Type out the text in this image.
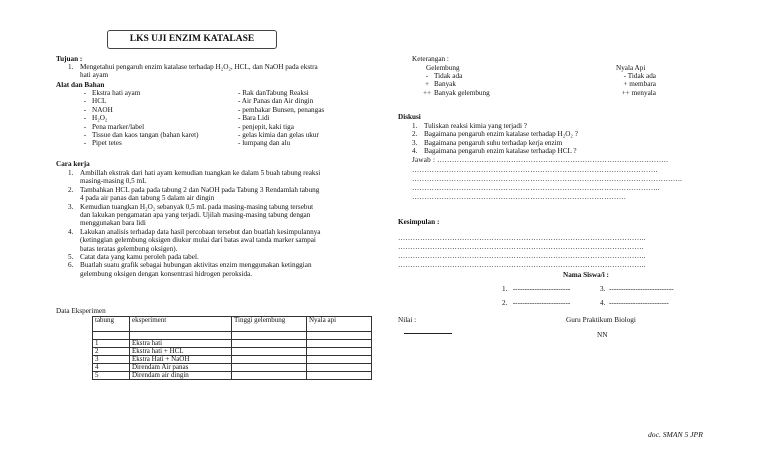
LKS UJI ENZIM KATALASE
Tujuan :
1. Mengetahui pengaruh enzim katalase terhadap H₂O₂, HCL, dan NaOH pada ekstra
hati ayam
Alat dan Bahan
- Ekstra hati ayam
- HCL
- NAOH
- H₂O₂
- Pena marker/label
- Tissue dan kaos tangan (bahan karet)
- Pipet tetes
- Rak danTabung Reaksi
- Air Panas dan Air dingin
- pembakar Bunsen, penangas
- Bara Lidi
- penjepit, kaki tiga
- gelas kimia dan gelas ukur
- lumpang dan alu
Cara kerja
1. Ambillah ekstrak dari hati ayam kemudian tuangkan ke dalam 5 buah tabung reaksi
masing-masing 0,5 mL
2. Tambahkan HCL pada pada tabung 2 dan NaOH pada Tabung 3 Rendamlah tabung
4 pada air panas dan tabung 5 dalam air dingin
3. Kemudian tuangkan H₂O₂ sebanyak 0,5 mL pada masing-masing tabung tersebut
dan lakukan pengamatan apa yang terjadi. Ujilah masing-masing tabung dengan
menggunakan bara lidi
4. Lakukan analisis terhadap data hasil percobaan tersebut dan buatlah kesimpulannya
(ketinggian gelembung oksigen diukur mulai dari batas awal tanda marker sampai
batas teratas gelembung oksigen).
5. Catat data yang kamu peroleh pada tabel.
6. Buatlah suatu grafik sebagai hubungan aktivitas enzim menggunakan ketinggian
gelembung oksigen dengan konsentrasi hidrogen peroksida.
Data Eksperimen
tabung	eksperiment	Tinggi gelembung	Nyala api

1	Ekstra hati		
2	Ekstra hati + HCL		
3	Ekstra Hati + NaOH		
4	Direndam Air panas		
5	Direndam air dingin		
Keterangan :
Gelembung
- Tidak ada
+ Banyak
++ Banyak gelembung
Nyala Api
- Tidak ada
+ membara
++ menyala
Diskusi
1. Tuliskan reaksi kimia yang terjadi ?
2. Bagaimana pengaruh enzim katalase terhadap H₂O₂ ?
3. Bagaimana pengaruh suhu terhadap kerja enzim
4. Bagaimana pengaruh enzim katalase terhadap HCL ?
Jawab : ………………………………………………………………………………….
……………………………………………………………………………………….
………………………………………………………………………………………………..
………………………………………………………………………………………..
……………………………………………………………………………
Kesimpulan :
………………………………………………………………………………………..
……………………………………………………………………………………….
………………………………………………………………………………………..
………………………………………………………………………………………..
Nama Siswa/i :
1. ------------------------	3. ---------------------------
2. ------------------------	4. -------------------------
Nilai :	Guru Praktikum Biologi
NN
doc. SMAN 5 JPR
